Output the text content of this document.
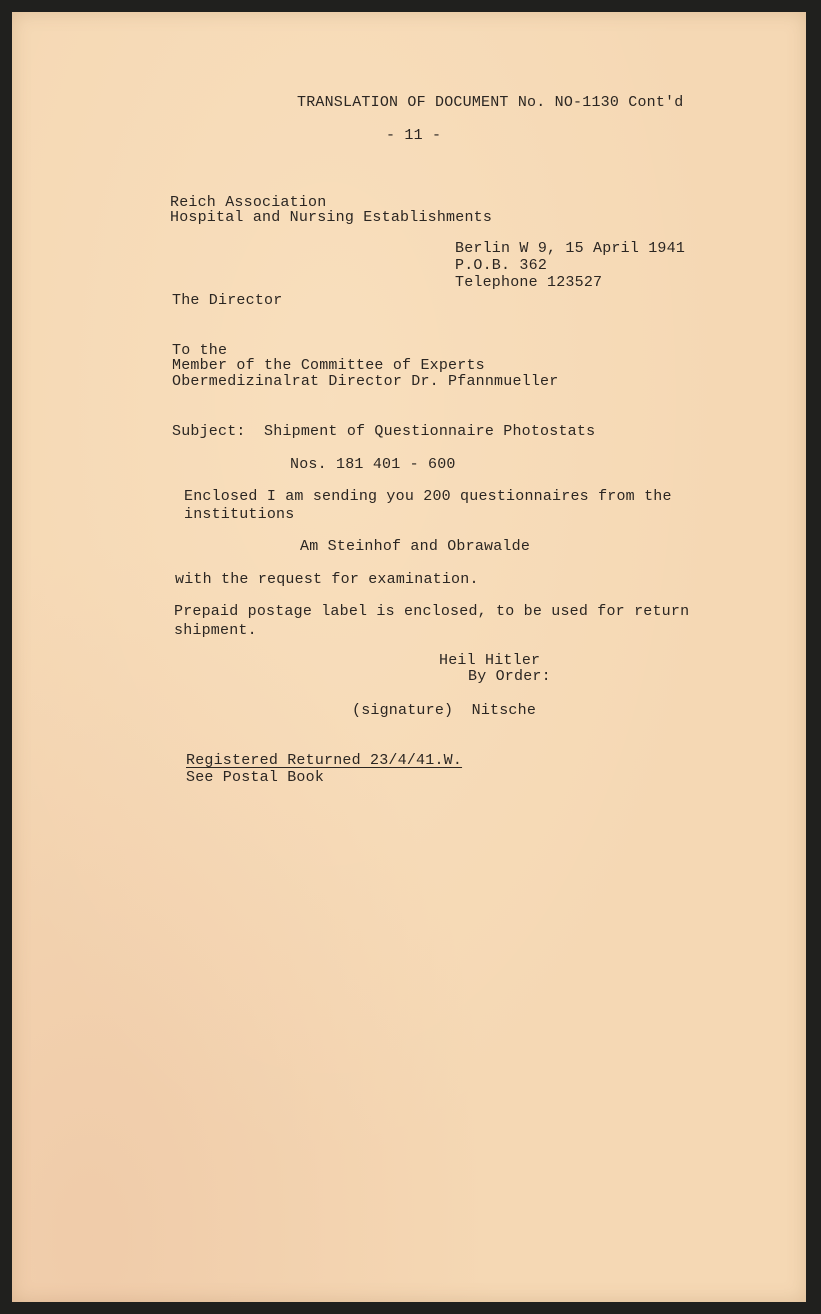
TRANSLATION OF DOCUMENT No. NO-1130 Cont'd

- 11 -

Reich Association

Hospital and Nursing Establishments

Berlin W 9, 15 April 1941

P.O.B. 362

Telephone 123527

The Director

To the

Member of the Committee of Experts

Obermedizinalrat Director Dr. Pfannmueller

Subject:  Shipment of Questionnaire Photostats

Nos. 181 401 - 600

Enclosed I am sending you 200 questionnaires from the

institutions

Am Steinhof and Obrawalde

with the request for examination.

Prepaid postage label is enclosed, to be used for return

shipment.

Heil Hitler

By Order:

(signature)  Nitsche

Registered Returned 23/4/41.W.

See Postal Book
